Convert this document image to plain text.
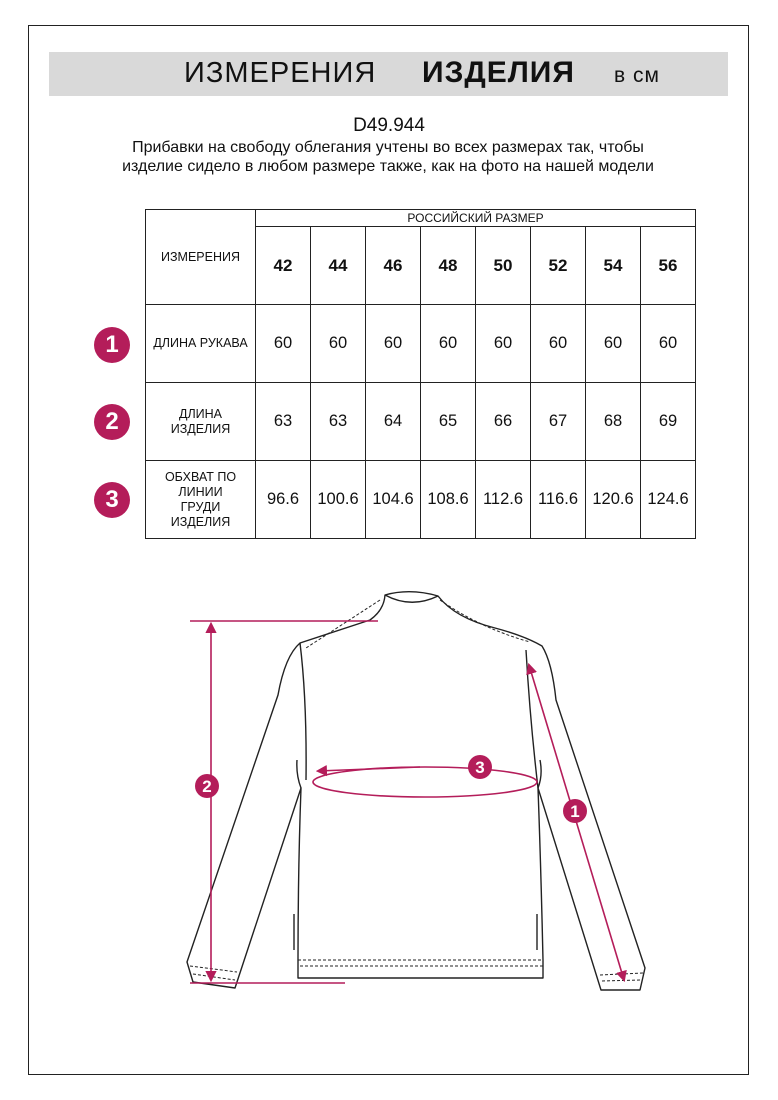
ИЗМЕРЕНИЯ ИЗДЕЛИЯ в см
D49.944
Прибавки на свободу облегания учтены во всех размерах так, чтобы изделие сидело в любом размере также, как на фото на нашей модели
ИЗМЕРЕНИЯ	РОССИЙСКИЙ РАЗМЕР							
	42	44	46	48	50	52	54	56
ДЛИНА РУКАВА	60	60	60	60	60	60	60	60
ДЛИНА ИЗДЕЛИЯ	63	63	64	65	66	67	68	69
ОБХВАТ ПО ЛИНИИ ГРУДИ ИЗДЕЛИЯ	96.6	100.6	104.6	108.6	112.6	116.6	120.6	124.6
1
2
3
2
3
1
